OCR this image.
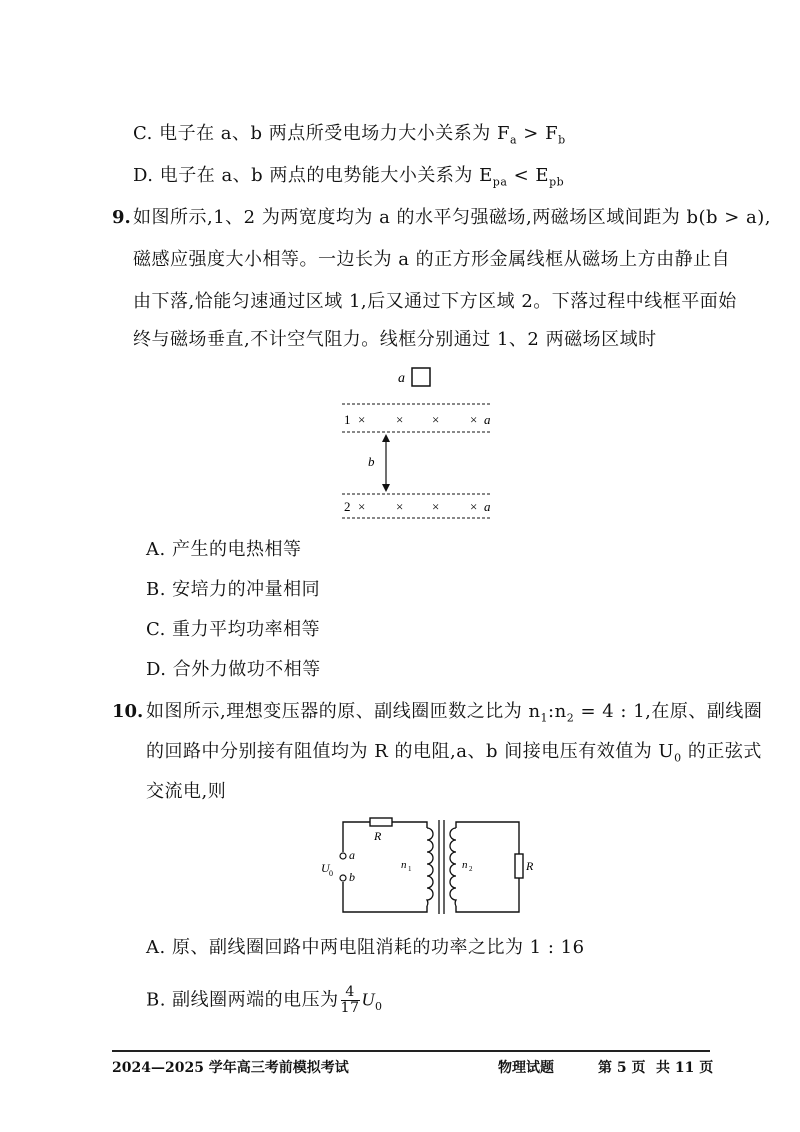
C. 电子在 a、b 两点所受电场力大小关系为 $F_a > F_b$
D. 电子在 a、b 两点的电势能大小关系为 $E_{pa} < E_{pb}$
9. 如图所示,1、2 为两宽度均为 a 的水平匀强磁场,两磁场区域间距为 b(b > a),
磁感应强度大小相等。一边长为 a 的正方形金属线框从磁场上方由静止自
由下落,恰能匀速通过区域 1,后又通过下方区域 2。下落过程中线框平面始
终与磁场垂直,不计空气阻力。线框分别通过 1、2 两磁场区域时
a
1 × × × × a
b
2 × × × × a
A. 产生的电热相等
B. 安培力的冲量相同
C. 重力平均功率相等
D. 合外力做功不相等
10. 如图所示,理想变压器的原、副线圈匝数之比为 $n_1:n_2 = 4$ : 1,在原、副线圈
的回路中分别接有阻值均为 R 的电阻,a、b 间接电压有效值为 $U_0$ 的正弦式
交流电,则
R
a
b
U 0
n 1	n 2	R
A. 原、副线圈回路中两电阻消耗的功率之比为 1 : 16
B. 副线圈两端的电压为 $\frac{4}{17} U_0$
2024—2025 学年高三考前模拟考试	物理试题	第 5 页 共 11 页
